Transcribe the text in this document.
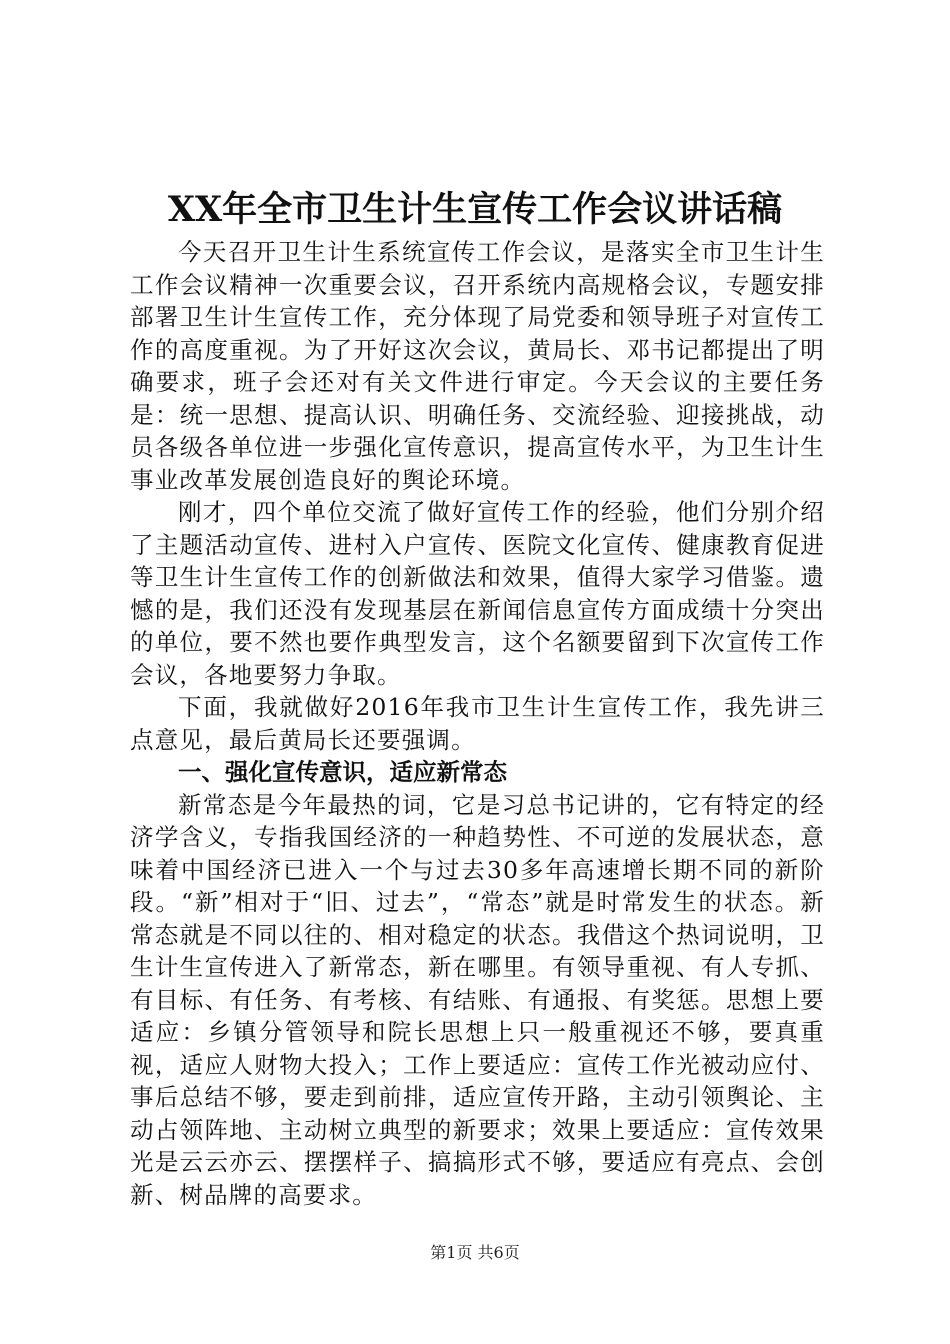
XX年全市卫生计生宣传工作会议讲话稿

今天召开卫生计生系统宣传工作会议，是落实全市卫生计生工作会议精神一次重要会议，召开系统内高规格会议，专题安排部署卫生计生宣传工作，充分体现了局党委和领导班子对宣传工作的高度重视。为了开好这次会议，黄局长、邓书记都提出了明确要求，班子会还对有关文件进行审定。今天会议的主要任务是：统一思想、提高认识、明确任务、交流经验、迎接挑战，动员各级各单位进一步强化宣传意识，提高宣传水平，为卫生计生事业改革发展创造良好的舆论环境。

刚才，四个单位交流了做好宣传工作的经验，他们分别介绍了主题活动宣传、进村入户宣传、医院文化宣传、健康教育促进等卫生计生宣传工作的创新做法和效果，值得大家学习借鉴。遗憾的是，我们还没有发现基层在新闻信息宣传方面成绩十分突出的单位，要不然也要作典型发言，这个名额要留到下次宣传工作会议，各地要努力争取。

下面，我就做好2016年我市卫生计生宣传工作，我先讲三点意见，最后黄局长还要强调。

一、强化宣传意识，适应新常态

新常态是今年最热的词，它是习总书记讲的，它有特定的经济学含义，专指我国经济的一种趋势性、不可逆的发展状态，意味着中国经济已进入一个与过去30多年高速增长期不同的新阶段。“新”相对于“旧、过去”，“常态”就是时常发生的状态。新常态就是不同以往的、相对稳定的状态。我借这个热词说明，卫生计生宣传进入了新常态，新在哪里。有领导重视、有人专抓、有目标、有任务、有考核、有结账、有通报、有奖惩。思想上要适应：乡镇分管领导和院长思想上只一般重视还不够，要真重视，适应人财物大投入；工作上要适应：宣传工作光被动应付、事后总结不够，要走到前排，适应宣传开路，主动引领舆论、主动占领阵地、主动树立典型的新要求；效果上要适应：宣传效果光是云云亦云、摆摆样子、搞搞形式不够，要适应有亮点、会创新、树品牌的高要求。

第1页 共6页
